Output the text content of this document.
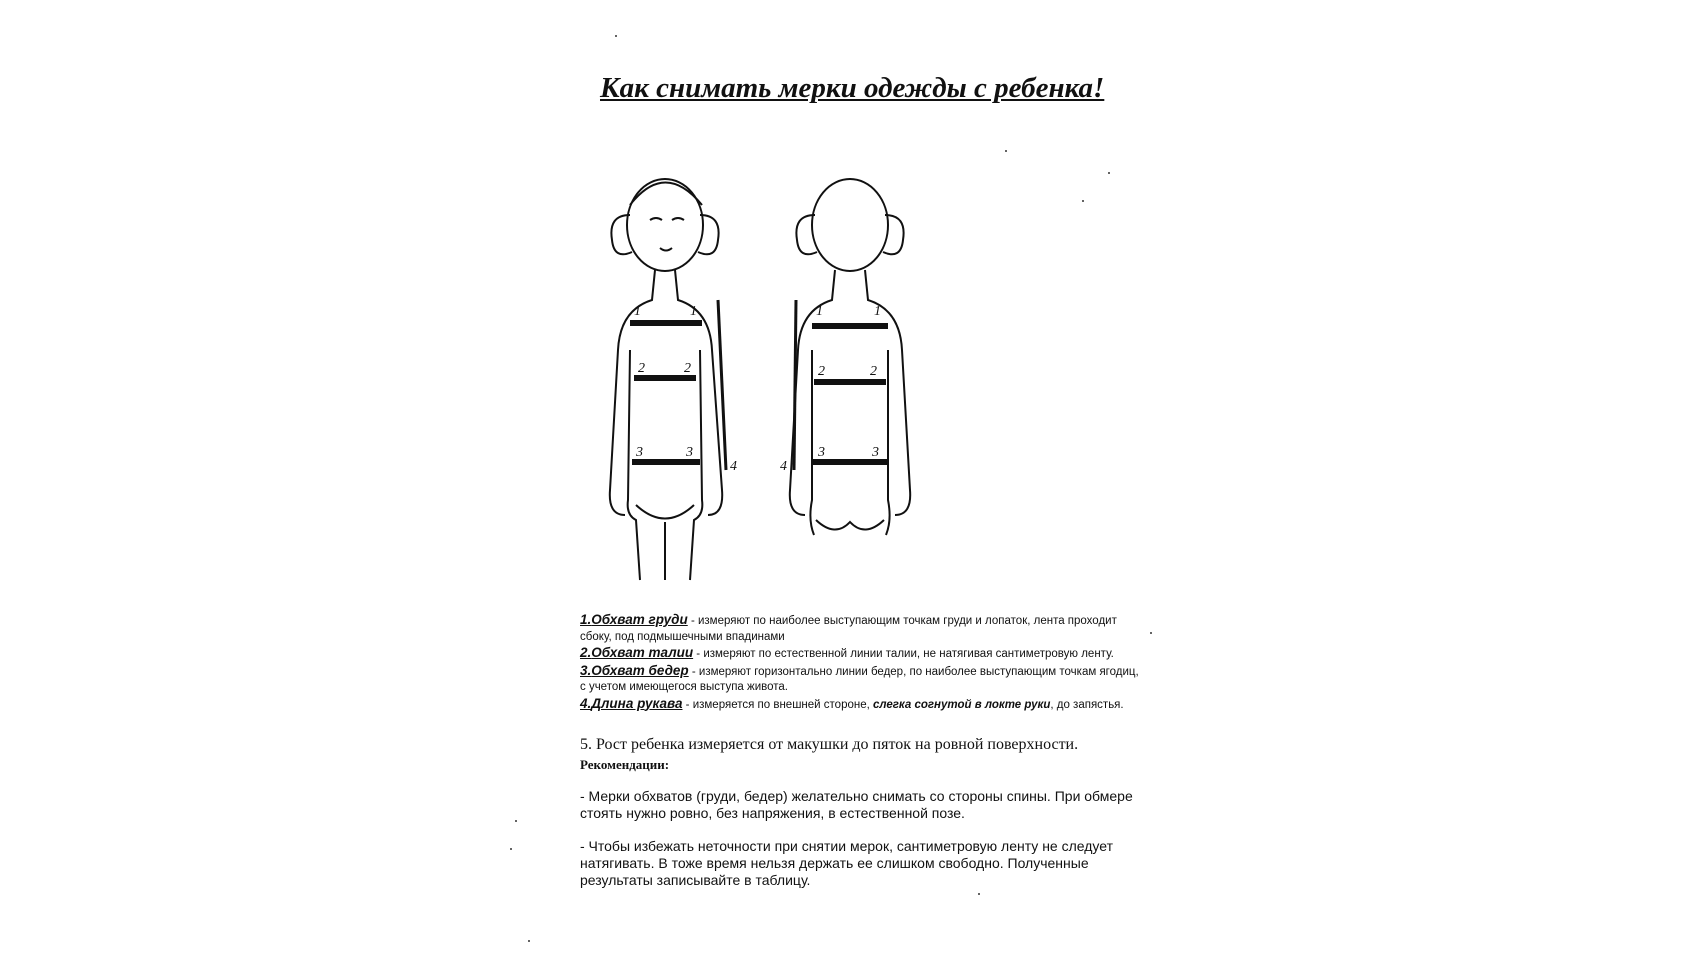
Как снимать мерки одежды с ребенка!
1	1
2	2
3	3
4
1	1
2	2
3	3
4

1.Обхват груди - измеряют по наиболее выступающим точкам груди и лопаток, лента проходит сбоку, под подмышечными впадинами

2.Обхват талии - измеряют по естественной линии талии, не натягивая сантиметровую ленту.

3.Обхват бедер - измеряют горизонтально линии бедер, по наиболее выступающим точкам ягодиц, с учетом имеющегося выступа живота.

4.Длина рукава - измеряется по внешней стороне, слегка согнутой в локте руки, до запястья.

5. Рост ребенка измеряется от макушки до пяток на ровной поверхности.
Рекомендации:
- Мерки обхватов (груди, бедер) желательно снимать со стороны спины. При обмере стоять нужно ровно, без напряжения, в естественной позе.
- Чтобы избежать неточности при снятии мерок, сантиметровую ленту не следует натягивать. В тоже время нельзя держать ее слишком свободно. Полученные результаты записывайте в таблицу.
